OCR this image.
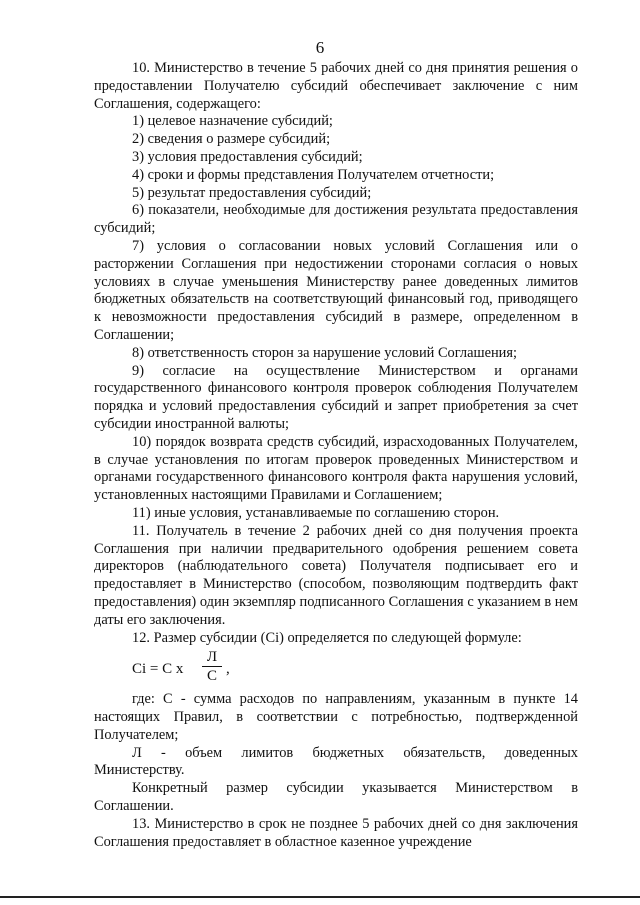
6

10. Министерство в течение 5 рабочих дней со дня принятия решения о предоставлении Получателю субсидий обеспечивает заключение с ним Соглашения, содержащего:

1) целевое назначение субсидий;

2) сведения о размере субсидий;

3) условия предоставления субсидий;

4) сроки и формы представления Получателем отчетности;

5) результат предоставления субсидий;

6) показатели, необходимые для достижения результата предоставления субсидий;

7) условия о согласовании новых условий Соглашения или о расторжении Соглашения при недостижении сторонами согласия о новых условиях в случае уменьшения Министерству ранее доведенных лимитов бюджетных обязательств на соответствующий финансовый год, приводящего к невозможности предоставления субсидий в размере, определенном в Соглашении;

8) ответственность сторон за нарушение условий Соглашения;

9) согласие на осуществление Министерством и органами государственного финансового контроля проверок соблюдения Получателем порядка и условий предоставления субсидий и запрет приобретения за счет субсидии иностранной валюты;

10) порядок возврата средств субсидий, израсходованных Получателем, в случае установления по итогам проверок проведенных Министерством и органами государственного финансового контроля факта нарушения условий, установленных настоящими Правилами и Соглашением;

11) иные условия, устанавливаемые по соглашению сторон.

11. Получатель в течение 2 рабочих дней со дня получения проекта Соглашения при наличии предварительного одобрения решением совета директоров (наблюдательного совета) Получателя подписывает его и предоставляет в Министерство (способом, позволяющим подтвердить факт предоставления) один экземпляр подписанного Соглашения с указанием в нем даты его заключения.

12. Размер субсидии (Ci) определяется по следующей формуле:

Ci = С x
Л
С ,

где: С - сумма расходов по направлениям, указанным в пункте 14 настоящих Правил, в соответствии с потребностью, подтвержденной Получателем;

Л - объем лимитов бюджетных обязательств, доведенных Министерству.

Конкретный размер субсидии указывается Министерством в Соглашении.

13. Министерство в срок не позднее 5 рабочих дней со дня заключения Соглашения предоставляет в областное казенное учреждение
